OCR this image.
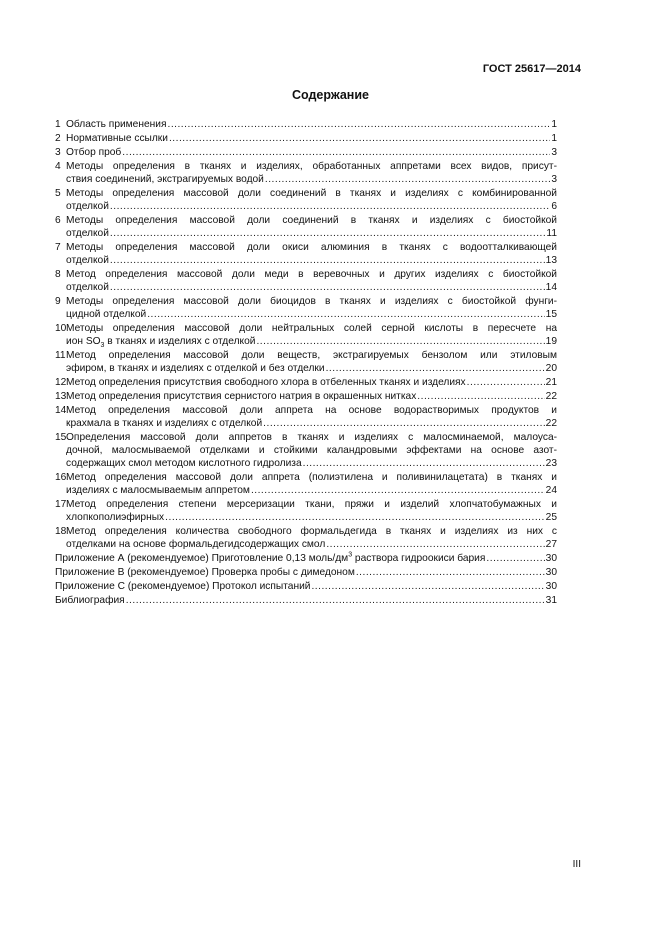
ГОСТ 25617—2014
Содержание
1 Область применения .....	1
2 Нормативные ссылки .....	1
3 Отбор проб .....	3
4 Методы определения в тканях и изделиях, обработанных аппретами всех видов, присут-
ствия соединений, экстрагируемых водой .....	3
5 Методы определения массовой доли соединений в тканях и изделиях с комбинированной
отделкой .....	6
6 Методы определения массовой доли соединений в тканях и изделиях с биостойкой
отделкой .....	11
7 Методы определения массовой доли окиси алюминия в тканях с водоотталкивающей
отделкой .....	13
8 Метод определения массовой доли меди в веревочных и других изделиях с биостойкой
отделкой .....	14
9 Методы определения массовой доли биоцидов в тканях и изделиях с биостойкой фунги-
цидной отделкой .....	15
10 Методы определения массовой доли нейтральных солей серной кислоты в пересчете на
ион $SO_3$ в тканях и изделиях с отделкой .....	19
11 Метод определения массовой доли веществ, экстрагируемых бензолом или этиловым
эфиром, в тканях и изделиях с отделкой и без отделки .....	20
12 Метод определения присутствия свободного хлора в отбеленных тканях и изделиях .....	21
13 Метод определения присутствия сернистого натрия в окрашенных нитках .....	22
14 Метод определения массовой доли аппрета на основе водорастворимых продуктов и
крахмала в тканях и изделиях с отделкой .....	22
15 Определения массовой доли аппретов в тканях и изделиях с малосминаемой, малоуса-
дочной, малосмываемой отделками и стойкими каландровыми эффектами на основе азот-
содержащих смол методом кислотного гидролиза .....	23
16 Метод определения массовой доли аппрета (полиэтилена и поливинилацетата) в тканях и
изделиях с малосмываемым аппретом .....	24
17 Метод определения степени мерсеризации ткани, пряжи и изделий хлопчатобумажных и
хлопкополиэфирных .....	25
18 Метод определения количества свободного формальдегида в тканях и изделиях из них с
отделками на основе формальдегидсодержащих смол .....	27
Приложение А (рекомендуемое) Приготовление 0,13 моль/$дм^3$ раствора гидроокиси бария .....	30
Приложение В (рекомендуемое) Проверка пробы с димедоном .....	30
Приложение С (рекомендуемое) Протокол испытаний .....	30
Библиография .....	31
III
